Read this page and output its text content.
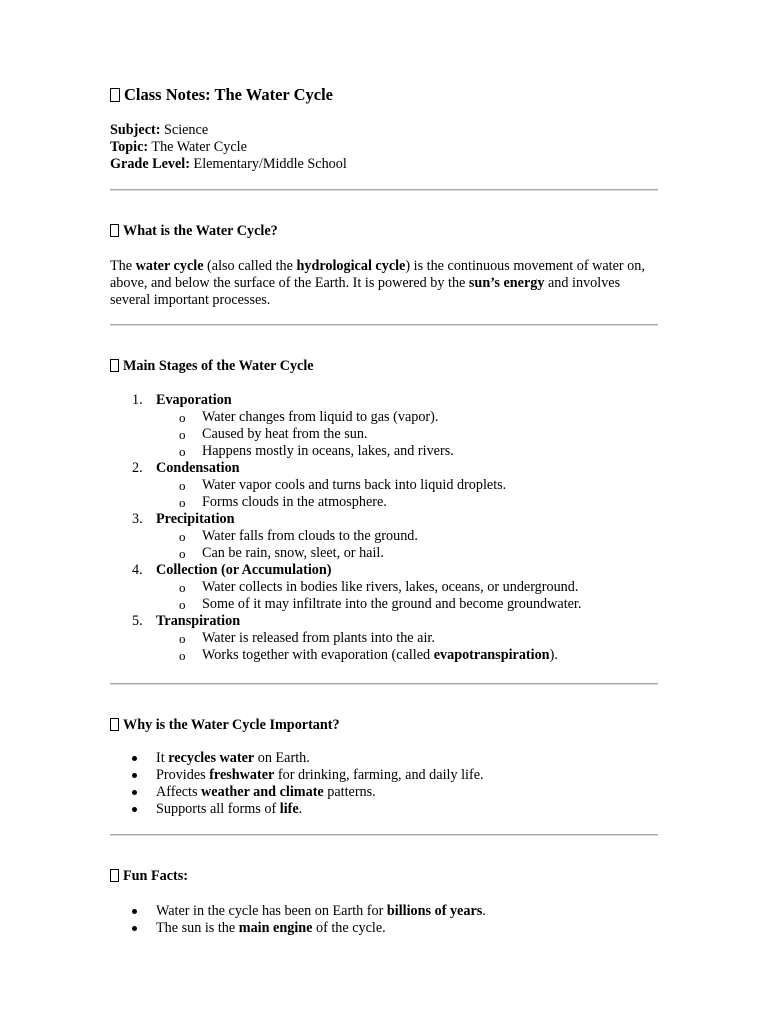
Class Notes: The Water Cycle
Subject: Science
Topic: The Water Cycle
Grade Level: Elementary/Middle School
What is the Water Cycle?
The water cycle (also called the hydrological cycle) is the continuous movement of water on, above, and below the surface of the Earth. It is powered by the sun’s energy and involves several important processes.
Main Stages of the Water Cycle
1. Evaporation
o Water changes from liquid to gas (vapor).
o Caused by heat from the sun.
o Happens mostly in oceans, lakes, and rivers.
2. Condensation
o Water vapor cools and turns back into liquid droplets.
o Forms clouds in the atmosphere.
3. Precipitation
o Water falls from clouds to the ground.
o Can be rain, snow, sleet, or hail.
4. Collection (or Accumulation)
o Water collects in bodies like rivers, lakes, oceans, or underground.
o Some of it may infiltrate into the ground and become groundwater.
5. Transpiration
o Water is released from plants into the air.
o Works together with evaporation (called evapotranspiration).
Why is the Water Cycle Important?
It recycles water on Earth.
Provides freshwater for drinking, farming, and daily life.
Affects weather and climate patterns.
Supports all forms of life.
Fun Facts:
Water in the cycle has been on Earth for billions of years.
The sun is the main engine of the cycle.
